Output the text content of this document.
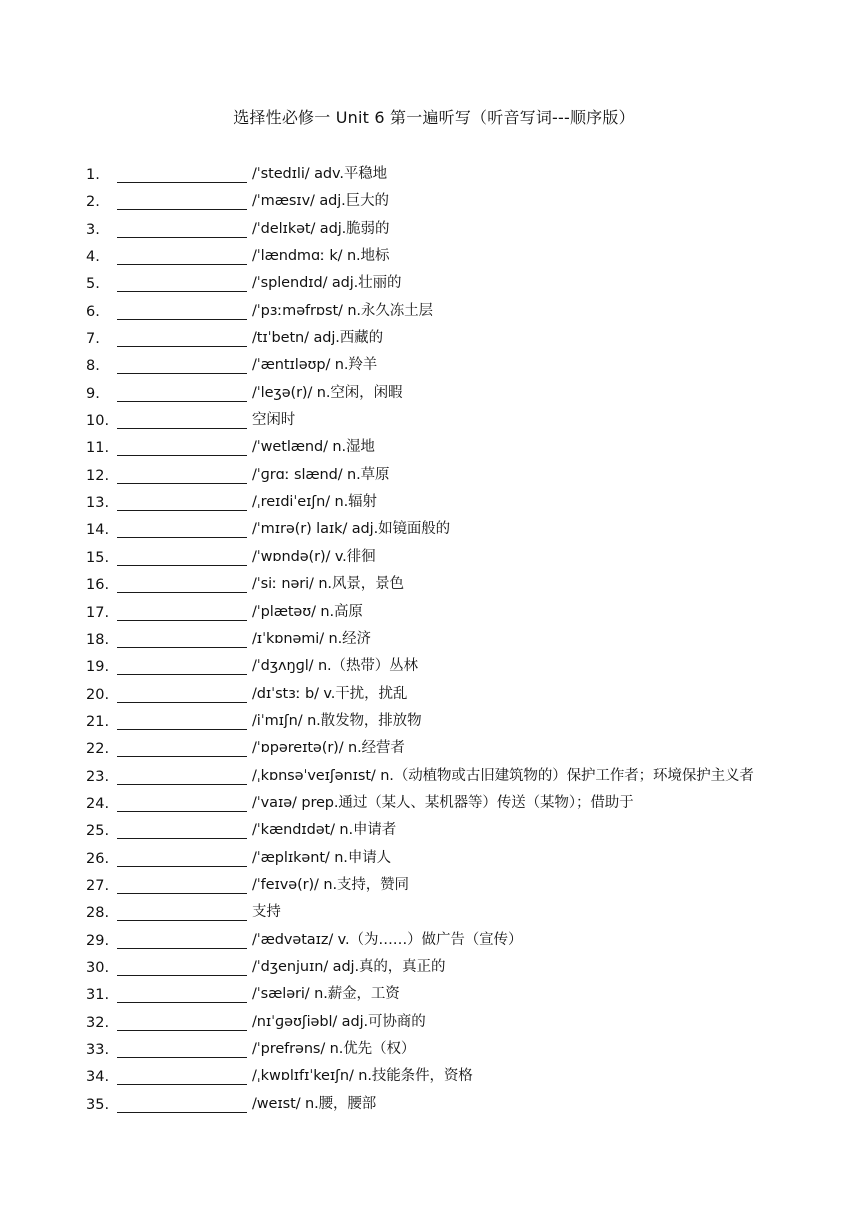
选择性必修一 Unit 6 第一遍听写（听音写词---顺序版）
1.	/ˈstedɪli/ adv.平稳地
2.	/ˈmæsɪv/ adj.巨大的
3.	/ˈdelɪkət/ adj.脆弱的
4.	/ˈlændmɑː k/ n.地标
5.	/ˈsplendɪd/ adj.壮丽的
6.	/ˈpɜːməfrɒst/ n.永久冻土层
7.	/tɪˈbetn/ adj.西藏的
8.	/ˈæntɪləʊp/ n.羚羊
9.	/ˈleʒə(r)/ n.空闲，闲暇
10.	空闲时
11.	/ˈwetlænd/ n.湿地
12.	/ˈɡrɑː slænd/ n.草原
13.	/ˌreɪdiˈeɪʃn/ n.辐射
14.	/ˈmɪrə(r) laɪk/ adj.如镜面般的
15.	/ˈwɒndə(r)/ v.徘徊
16.	/ˈsiː nəri/ n.风景，景色
17.	/ˈplætəʊ/ n.高原
18.	/ɪˈkɒnəmi/ n.经济
19.	/ˈdʒʌŋɡl/ n.（热带）丛林
20.	/dɪˈstɜː b/ v.干扰，扰乱
21.	/iˈmɪʃn/ n.散发物，排放物
22.	/ˈɒpəreɪtə(r)/ n.经营者
23.	/ˌkɒnsəˈveɪʃənɪst/ n.（动植物或古旧建筑物的）保护工作者；环境保护主义者
24.	/ˈvaɪə/ prep.通过（某人、某机器等）传送（某物）；借助于
25.	/ˈkændɪdət/ n.申请者
26.	/ˈæplɪkənt/ n.申请人
27.	/ˈfeɪvə(r)/ n.支持，赞同
28.	支持
29.	/ˈædvətaɪz/ v.（为……）做广告（宣传）
30.	/ˈdʒenjuɪn/ adj.真的，真正的
31.	/ˈsæləri/ n.薪金，工资
32.	/nɪˈɡəʊʃiəbl/ adj.可协商的
33.	/ˈprefrəns/ n.优先（权）
34.	/ˌkwɒlɪfɪˈkeɪʃn/ n.技能条件，资格
35.	/weɪst/ n.腰，腰部
